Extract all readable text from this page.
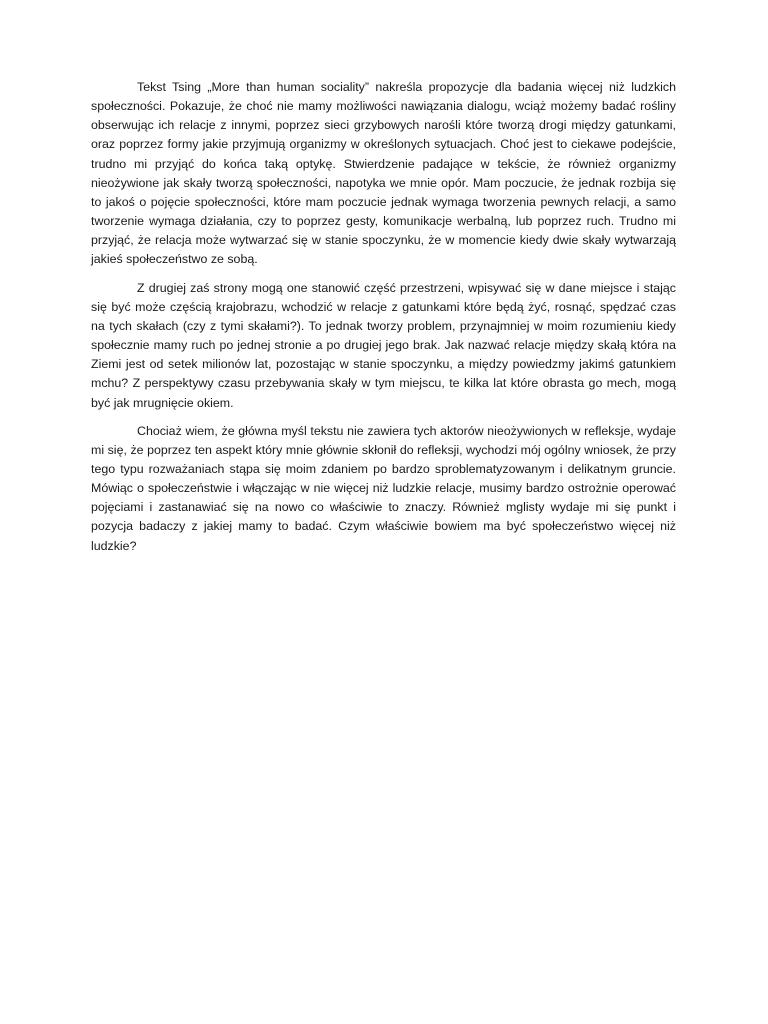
Tekst Tsing „More than human sociality” nakreśla propozycje dla badania więcej niż ludzkich społeczności. Pokazuje, że choć nie mamy możliwości nawiązania dialogu, wciąż możemy badać rośliny obserwując ich relacje z innymi, poprzez sieci grzybowych narośli które tworzą drogi między gatunkami, oraz poprzez formy jakie przyjmują organizmy w określonych sytuacjach. Choć jest to ciekawe podejście, trudno mi przyjąć do końca taką optykę. Stwierdzenie padające w tekście, że również organizmy nieożywione jak skały tworzą społeczności, napotyka we mnie opór. Mam poczucie, że jednak rozbija się to jakoś o pojęcie społeczności, które mam poczucie jednak wymaga tworzenia pewnych relacji, a samo tworzenie wymaga działania, czy to poprzez gesty, komunikacje werbalną, lub poprzez ruch. Trudno mi przyjąć, że relacja może wytwarzać się w stanie spoczynku, że w momencie kiedy dwie skały wytwarzają jakieś społeczeństwo ze sobą.

Z drugiej zaś strony mogą one stanowić część przestrzeni, wpisywać się w dane miejsce i stając się być może częścią krajobrazu, wchodzić w relacje z gatunkami które będą żyć, rosnąć, spędzać czas na tych skałach (czy z tymi skałami?). To jednak tworzy problem, przynajmniej w moim rozumieniu kiedy społecznie mamy ruch po jednej stronie a po drugiej jego brak. Jak nazwać relacje między skałą która na Ziemi jest od setek milionów lat, pozostając w stanie spoczynku, a między powiedzmy jakimś gatunkiem mchu? Z perspektywy czasu przebywania skały w tym miejscu, te kilka lat które obrasta go mech, mogą być jak mrugnięcie okiem.

Chociaż wiem, że główna myśl tekstu nie zawiera tych aktorów nieożywionych w refleksje, wydaje mi się, że poprzez ten aspekt który mnie głównie skłonił do refleksji, wychodzi mój ogólny wniosek, że przy tego typu rozważaniach stąpa się moim zdaniem po bardzo sproblematyzowanym i delikatnym gruncie. Mówiąc o społeczeństwie i włączając w nie więcej niż ludzkie relacje, musimy bardzo ostrożnie operować pojęciami i zastanawiać się na nowo co właściwie to znaczy. Również mglisty wydaje mi się punkt i pozycja badaczy z jakiej mamy to badać. Czym właściwie bowiem ma być społeczeństwo więcej niż ludzkie?
